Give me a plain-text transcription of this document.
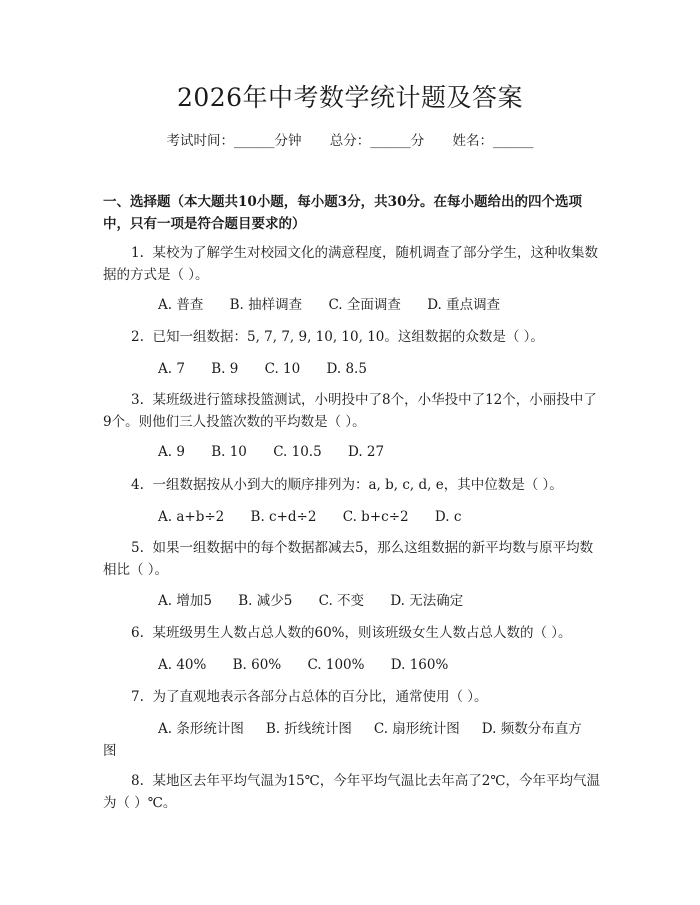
2026年中考数学统计题及答案
考试时间：______分钟 总分：______分 姓名：______
一、选择题（本大题共10小题，每小题3分，共30分。在每小题给出的四个选项中，只有一项是符合题目要求的）
1. 某校为了解学生对校园文化的满意程度，随机调查了部分学生，这种收集数据的方式是（ ）。
A. 普查 B. 抽样调查 C. 全面调查 D. 重点调查
2. 已知一组数据：5, 7, 7, 9, 10, 10, 10。这组数据的众数是（ ）。
A. 7 B. 9 C. 10 D. 8.5
3. 某班级进行篮球投篮测试，小明投中了8个，小华投中了12个，小丽投中了9个。则他们三人投篮次数的平均数是（ ）。
A. 9 B. 10 C. 10.5 D. 27
4. 一组数据按从小到大的顺序排列为：a, b, c, d, e，其中位数是（ ）。
A. a+b÷2 B. c+d÷2 C. b+c÷2 D. c
5. 如果一组数据中的每个数据都减去5，那么这组数据的新平均数与原平均数相比（ ）。
A. 增加5 B. 减少5 C. 不变 D. 无法确定
6. 某班级男生人数占总人数的60%，则该班级女生人数占总人数的（ ）。
A. 40% B. 60% C. 100% D. 160%
7. 为了直观地表示各部分占总体的百分比，通常使用（ ）。
A. 条形统计图 B. 折线统计图 C. 扇形统计图 D. 频数分布直方图
8. 某地区去年平均气温为15℃，今年平均气温比去年高了2℃，今年平均气温为（ ）℃。
